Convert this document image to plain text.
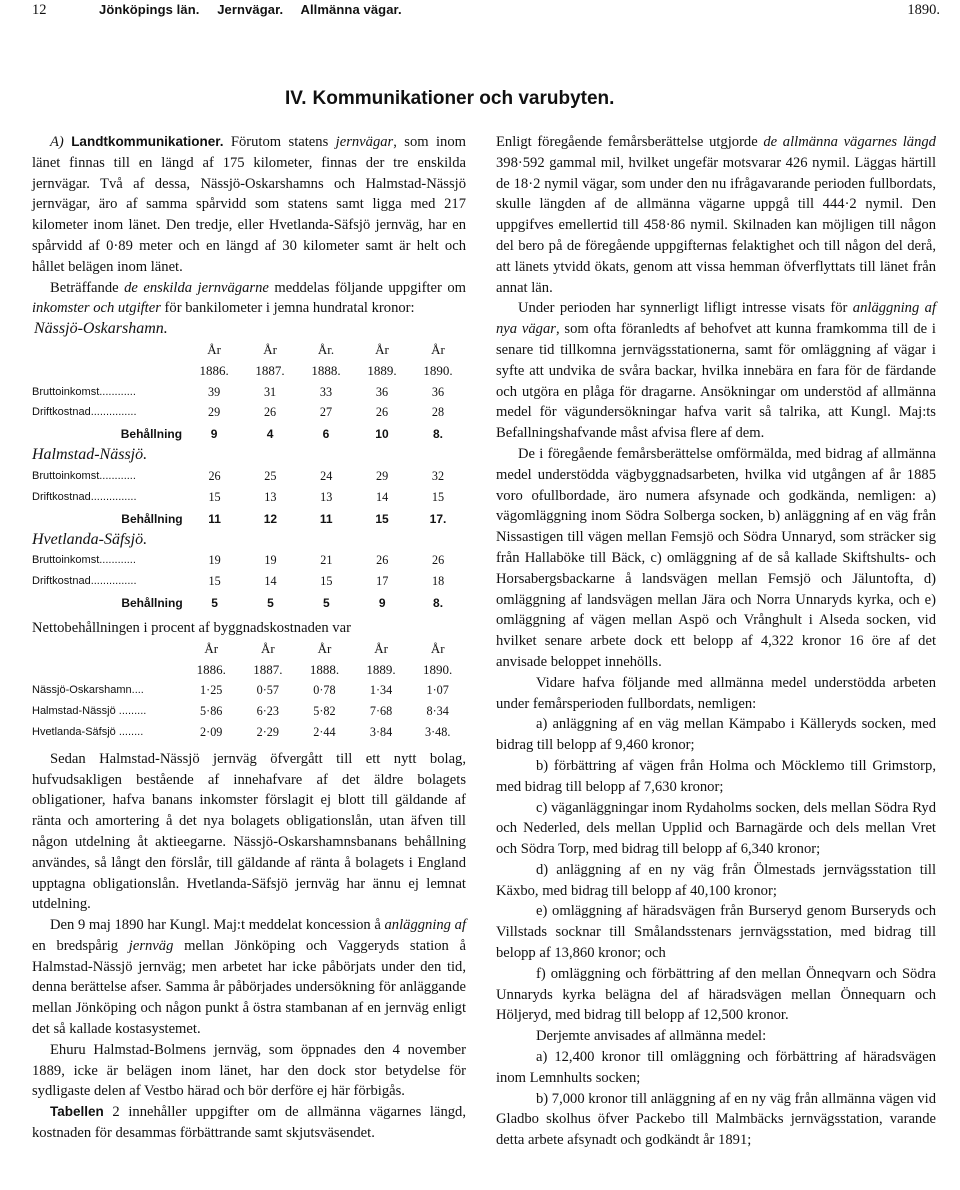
12	Jönköpings län. Jernvägar. Allmänna vägar.	1890.
IV. Kommunikationer och varubyten.

A) Landtkommunikationer. Förutom statens jernvägar, som inom länet finnas till en längd af 175 kilometer, finnas der tre enskilda jernvägar. Två af dessa, Nässjö-Oskarshamns och Halmstad-Nässjö jernvägar, äro af samma spårvidd som statens samt ligga med 217 kilometer inom länet. Den tredje, eller Hvetlanda-Säfsjö jernväg, har en spårvidd af 0·89 meter och en längd af 30 kilometer samt är helt och hållet belägen inom länet.

Beträffande de enskilda jernvägarne meddelas följande uppgifter om inkomster och utgifter för bankilometer i jemna hundratal kronor:

Nässjö-Oskarshamn.

	År	År	År.	År	År
	1886.	1887.	1888.	1889.	1890.
Bruttoinkomst............	39	31	33	36	36
Driftkostnad...............	29	26	27	26	28
Behållning	9	4	6	10	8.

Halmstad-Nässjö.

Bruttoinkomst............	26	25	24	29	32
Driftkostnad...............	15	13	13	14	15
Behållning	11	12	11	15	17.

Hvetlanda-Säfsjö.

Bruttoinkomst............	19	19	21	26	26
Driftkostnad...............	15	14	15	17	18
Behållning	5	5	5	9	8.

Nettobehållningen i procent af byggnadskostnaden var

	År	År	År	År	År
	1886.	1887.	1888.	1889.	1890.
Nässjö-Oskarshamn....	1·25	0·57	0·78	1·34	1·07
Halmstad-Nässjö .........	5·86	6·23	5·82	7·68	8·34
Hvetlanda-Säfsjö ........	2·09	2·29	2·44	3·84	3·48.

Sedan Halmstad-Nässjö jernväg öfvergått till ett nytt bolag, hufvudsakligen bestående af innehafvare af det äldre bolagets obligationer, hafva banans inkomster förslagit ej blott till gäldande af ränta och amortering å det nya bolagets obligationslån, utan äfven till någon utdelning åt aktieegarne. Nässjö-Oskarshamnsbanans behållning användes, så långt den förslår, till gäldande af ränta å bolagets i England upptagna obligationslån. Hvetlanda-Säfsjö jernväg har ännu ej lemnat utdelning.

Den 9 maj 1890 har Kungl. Maj:t meddelat koncession å anläggning af en bredspårig jernväg mellan Jönköping och Vaggeryds station å Halmstad-Nässjö jernväg; men arbetet har icke påbörjats under den tid, denna berättelse afser. Samma år påbörjades undersökning för anläggande mellan Jönköping och någon punkt å östra stambanan af en jernväg enligt det så kallade kostasystemet.

Ehuru Halmstad-Bolmens jernväg, som öppnades den 4 november 1889, icke är belägen inom länet, har den dock stor betydelse för sydligaste delen af Vestbo härad och bör derföre ej här förbigås.

Tabellen 2 innehåller uppgifter om de allmänna vägarnes längd, kostnaden för desammas förbättrande samt skjutsväsendet.

Enligt föregående femårsberättelse utgjorde de allmänna vägarnes längd 398·592 gammal mil, hvilket ungefär motsvarar 426 nymil. Läggas härtill de 18·2 nymil vägar, som under den nu ifrågavarande perioden fullbordats, skulle längden af de allmänna vägarne uppgå till 444·2 nymil. Den uppgifves emellertid till 458·86 nymil. Skilnaden kan möjligen till någon del bero på de föregående uppgifternas felaktighet och till någon del derå, att länets ytvidd ökats, genom att vissa hemman öfverflyttats till länet från annat län.

Under perioden har synnerligt lifligt intresse visats för anläggning af nya vägar, som ofta föranledts af behofvet att kunna framkomma till de i senare tid tillkomna jernvägsstationerna, samt för omläggning af vägar i syfte att undvika de svåra backar, hvilka innebära en fara för de färdande och utgöra en plåga för dragarne. Ansökningar om understöd af allmänna medel för vägundersökningar hafva varit så talrika, att Kungl. Maj:ts Befallningshafvande måst afvisa flere af dem.

De i föregående femårsberättelse omförmälda, med bidrag af allmänna medel understödda vägbyggnadsarbeten, hvilka vid utgången af år 1885 voro ofullbordade, äro numera afsynade och godkända, nemligen: a) vägomläggning inom Södra Solberga socken, b) anläggning af en väg från Nissastigen till vägen mellan Femsjö och Södra Unnaryd, som sträcker sig från Hallaböke till Bäck, c) omläggning af de så kallade Skiftshults- och Horsabergsbackarne å landsvägen mellan Femsjö och Jäluntofta, d) omläggning af landsvägen mellan Jära och Norra Unnaryds kyrka, och e) omläggning af vägen mellan Aspö och Vrånghult i Alseda socken, vid hvilket senare arbete dock ett belopp af 4,322 kronor 16 öre af det anvisade beloppet innehölls.

Vidare hafva följande med allmänna medel understödda arbeten under femårsperioden fullbordats, nemligen:

a) anläggning af en väg mellan Kämpabo i Källeryds socken, med bidrag till belopp af 9,460 kronor;

b) förbättring af vägen från Holma och Möcklemo till Grimstorp, med bidrag till belopp af 7,630 kronor;

c) väganläggningar inom Rydaholms socken, dels mellan Södra Ryd och Nederled, dels mellan Upplid och Barnagärde och dels mellan Vret och Södra Torp, med bidrag till belopp af 6,340 kronor;

d) anläggning af en ny väg från Ölmestads jernvägsstation till Käxbo, med bidrag till belopp af 40,100 kronor;

e) omläggning af häradsvägen från Burseryd genom Burseryds och Villstads socknar till Smålandsstenars jernvägsstation, med bidrag till belopp af 13,860 kronor; och

f) omläggning och förbättring af den mellan Önneqvarn och Södra Unnaryds kyrka belägna del af häradsvägen mellan Önnequarn och Höljeryd, med bidrag till belopp af 12,500 kronor.

Derjemte anvisades af allmänna medel:

a) 12,400 kronor till omläggning och förbättring af häradsvägen inom Lemnhults socken;

b) 7,000 kronor till anläggning af en ny väg från allmänna vägen vid Gladbo skolhus öfver Packebo till Malmbäcks jernvägsstation, varande detta arbete afsynadt och godkändt år 1891;
